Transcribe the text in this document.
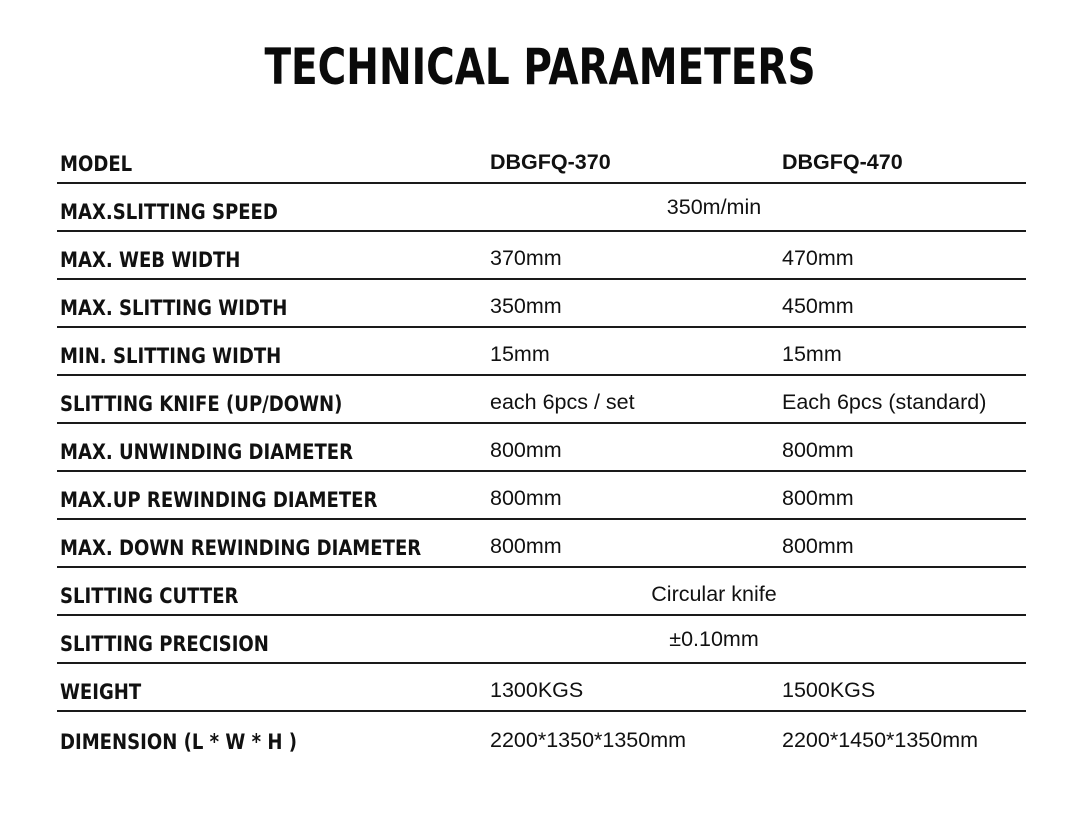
TECHNICAL PARAMETERS
MODEL	DBGFQ-370	DBGFQ-470
MAX.SLITTING SPEED	350m/min
MAX. WEB WIDTH	370mm	470mm
MAX. SLITTING WIDTH	350mm	450mm
MIN. SLITTING WIDTH	15mm	15mm
SLITTING KNIFE (UP/DOWN)	each 6pcs / set	Each 6pcs (standard)
MAX. UNWINDING DIAMETER	800mm	800mm
MAX.UP REWINDING DIAMETER	800mm	800mm
MAX. DOWN REWINDING DIAMETER	800mm	800mm
SLITTING CUTTER	Circular knife
SLITTING PRECISION	±0.10mm
WEIGHT	1300KGS	1500KGS
DIMENSION (L * W * H )	2200*1350*1350mm	2200*1450*1350mm
